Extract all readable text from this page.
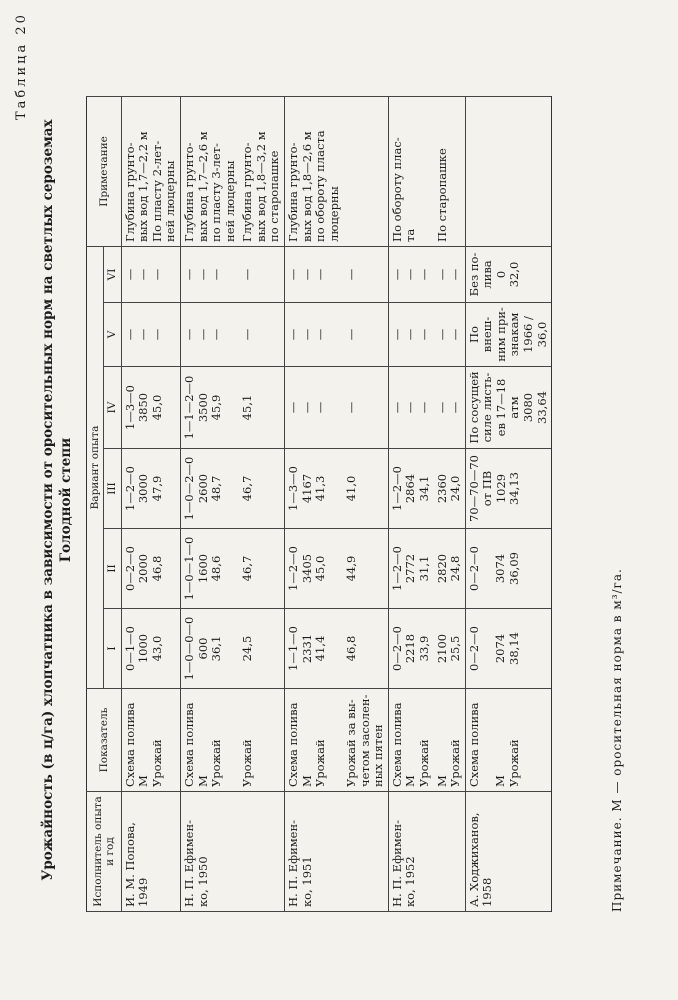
Таблица 20
Урожайность (в ц/га) хлопчатника в зависимости от оросительных норм на светлых сероземах Голодной степи
Исполнитель опыта и год	Показатель	Вариант опыта						Примечание
		I	II	III	IV	V	VI	

И. М. Попова, 1949	Схема полива М Урожай	0—1—0 1000 43,0	0—2—0 2000 46,8	1—2—0 3000 47,9	1—3—0 3850 45,0	— — —	— — —	Глубина грунто- вых вод 1,7—2,2 м По пласту 2-лет- ней люцерны

Н. П. Ефимен- ко, 1950	Схема полива М Урожай	1—0—0—0 600 36,1	1—0—1—0 1600 48,6	1—0—2—0 2600 48,7	1—1—2—0 3500 45,9	— — —	— — —	Глубина грунто- вых вод 1,7—2,6 м по пласту 3-лет- ней люцерны

	Урожай	24,5	46,7	46,7	45,1	—	—	Глубина грунто- вых вод 1,8—3,2 м по старопашке

Н. П. Ефимен- ко, 1951	Схема полива М Урожай	1—1—0 2331 41,4	1—2—0 3405 45,0	1—3—0 4167 41,3	— — —	— — —	— — —	Глубина грунто- вых вод 1,8—2,6 м по обороту пласта люцерны

	Урожай за вы- четом засолен- ных пятен	46,8	44,9	41,0	—	—	—	

Н. П. Ефимен- ко, 1952	Схема полива М Урожай	0—2—0 2218 33,9	1—2—0 2772 31,1	1—2—0 2864 34,1	— — —	— — —	— — —	По обороту плас- та

	М Урожай	2100 25,5	2820 24,8	2360 24,0	— —	— —	— —	По старопашке

А. Ходжиханов, 1958	Схема полива М Урожай	0—2—0 2074 38,14	0—2—0 3074 36,09	70—70—70 от ПВ 1029 34,13	По сосущей силе листь- ев 17—18 атм 3080 33,64	По внеш- ним при- знакам 1966 / 36,0	Без по- лива 0 32,0	

Примечание. М — оросительная норма в м³/га.
